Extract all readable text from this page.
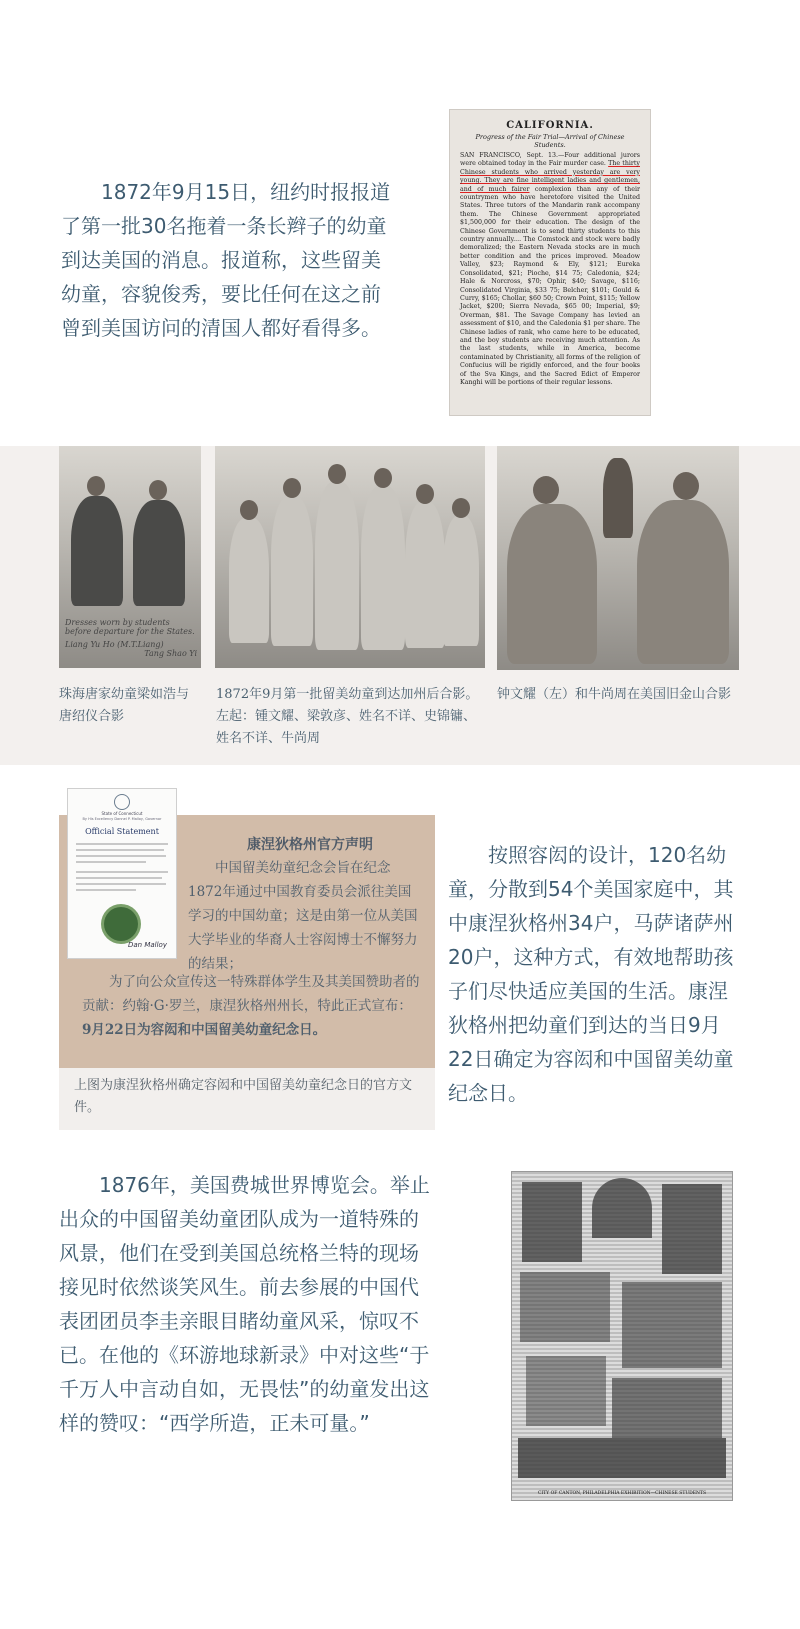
1872年9月15日，纽约时报报道了第一批30名拖着一条长辫子的幼童到达美国的消息。报道称，这些留美幼童，容貌俊秀，要比任何在这之前曾到美国访问的清国人都好看得多。

CALIFORNIA.
Progress of the Fair Trial—Arrival of Chinese Students.
SAN FRANCISCO, Sept. 13.—Four additional jurors were obtained today in the Fair murder case. The thirty Chinese students who arrived yesterday are very young. They are fine intelligent ladies and gentlemen, and of much fairer complexion than any of their countrymen who have heretofore visited the United States. Three tutors of the Mandarin rank accompany them. The Chinese Government appropriated $1,500,000 for their education. The design of the Chinese Government is to send thirty students to this country annually.... The Comstock and stock were badly demoralized; the Eastern Nevada stocks are in much better condition and the prices improved. Meadow Valley, $23; Raymond & Ely, $121; Eureka Consolidated, $21; Pioche, $14 75; Caledonia, $24; Hale & Norcross, $70; Ophir, $40; Savage, $116; Consolidated Virginia, $33 75; Belcher, $101; Gould & Curry, $165; Chollar, $60 50; Crown Point, $115; Yellow Jacket, $200; Sierra Nevada, $65 00; Imperial, $9; Overman, $81. The Savage Company has levied an assessment of $10, and the Caledonia $1 per share. The Chinese ladies of rank, who came here to be educated, and the boy students are receiving much attention. As the last students, while in America, become contaminated by Christianity, all forms of the religion of Confucius will be rigidly enforced, and the four books of the Sva Kings, and the Sacred Edict of Emperor Kanghi will be portions of their regular lessons.
Dresses worn by students before departure for the States.
Liang Yu Ho (M.T.Liang)
Tang Shao Yi

珠海唐家幼童梁如浩与唐绍仪合影

1872年9月第一批留美幼童到达加州后合影。左起：锺文耀、梁敦彦、姓名不详、史锦镛、姓名不详、牛尚周

钟文耀（左）和牛尚周在美国旧金山合影

State of Connecticut
By His Excellency Dannel P. Malloy, Governor
Official Statement
Dan Malloy
康涅狄格州官方声明

中国留美幼童纪念会旨在纪念1872年通过中国教育委员会派往美国学习的中国幼童；这是由第一位从美国大学毕业的华裔人士容闳博士不懈努力的结果；

为了向公众宣传这一特殊群体学生及其美国赞助者的贡献：约翰·G·罗兰，康涅狄格州州长，特此正式宣布：9月22日为容闳和中国留美幼童纪念日。

上图为康涅狄格州确定容闳和中国留美幼童纪念日的官方文件。

按照容闳的设计，120名幼童，分散到54个美国家庭中，其中康涅狄格州34户，马萨诸萨州20户，这种方式，有效地帮助孩子们尽快适应美国的生活。康涅狄格州把幼童们到达的当日9月22日确定为容闳和中国留美幼童纪念日。

1876年，美国费城世界博览会。举止出众的中国留美幼童团队成为一道特殊的风景，他们在受到美国总统格兰特的现场接见时依然谈笑风生。前去参展的中国代表团团员李圭亲眼目睹幼童风采，惊叹不已。在他的《环游地球新录》中对这些“于千万人中言动自如，无畏怯”的幼童发出这样的赞叹：“西学所造，正未可量。”

CITY OF CANTON, PHILADELPHIA EXHIBITION—CHINESE STUDENTS
